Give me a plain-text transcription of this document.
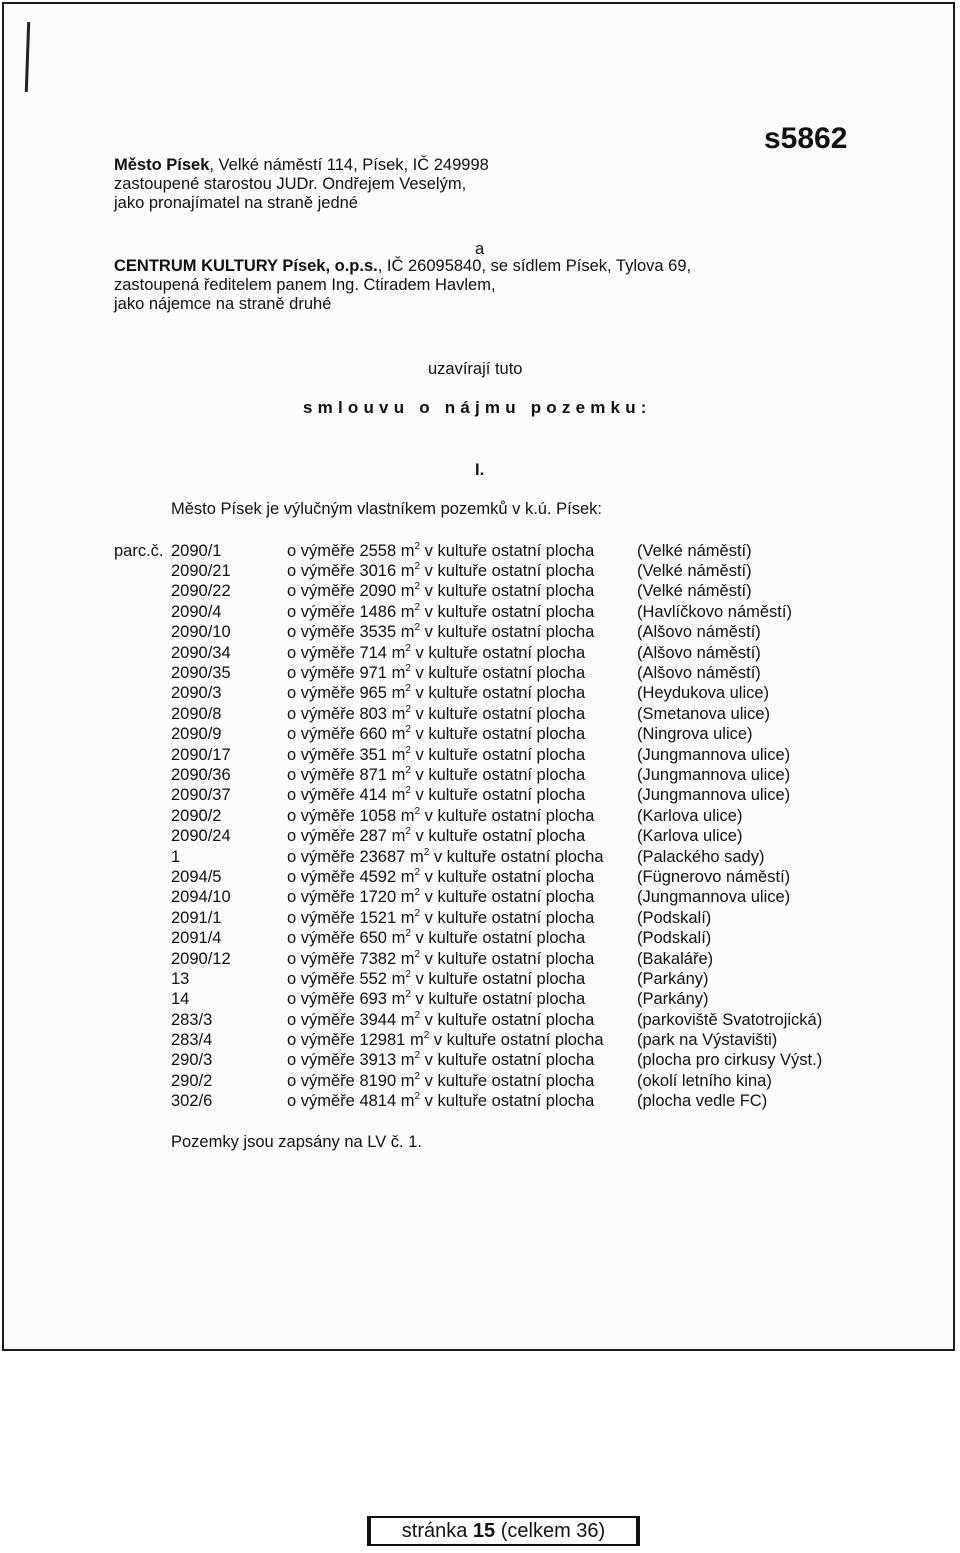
s5862
Město Písek, Velké náměstí 114, Písek, IČ 249998
zastoupené starostou JUDr. Ondřejem Veselým,
jako pronajímatel na straně jedné
a
CENTRUM KULTURY Písek, o.p.s., IČ 26095840, se sídlem Písek, Tylova 69,
zastoupená ředitelem panem Ing. Ctiradem Havlem,
jako nájemce na straně druhé
uzavírají tuto
smlouvu o nájmu pozemku:
I.
Město Písek je výlučným vlastníkem pozemků v k.ú. Písek:
parc.č.	2090/1	o výměře 2558 $m^2$ v kultuře ostatní plocha	(Velké náměstí)
	2090/21	o výměře 3016 $m^2$ v kultuře ostatní plocha	(Velké náměstí)
	2090/22	o výměře 2090 $m^2$ v kultuře ostatní plocha	(Velké náměstí)
	2090/4	o výměře 1486 $m^2$ v kultuře ostatní plocha	(Havlíčkovo náměstí)
	2090/10	o výměře 3535 $m^2$ v kultuře ostatní plocha	(Alšovo náměstí)
	2090/34	o výměře 714 $m^2$ v kultuře ostatní plocha	(Alšovo náměstí)
	2090/35	o výměře 971 $m^2$ v kultuře ostatní plocha	(Alšovo náměstí)
	2090/3	o výměře 965 $m^2$ v kultuře ostatní plocha	(Heydukova ulice)
	2090/8	o výměře 803 $m^2$ v kultuře ostatní plocha	(Smetanova ulice)
	2090/9	o výměře 660 $m^2$ v kultuře ostatní plocha	(Ningrova ulice)
	2090/17	o výměře 351 $m^2$ v kultuře ostatní plocha	(Jungmannova ulice)
	2090/36	o výměře 871 $m^2$ v kultuře ostatní plocha	(Jungmannova ulice)
	2090/37	o výměře 414 $m^2$ v kultuře ostatní plocha	(Jungmannova ulice)
	2090/2	o výměře 1058 $m^2$ v kultuře ostatní plocha	(Karlova ulice)
	2090/24	o výměře 287 $m^2$ v kultuře ostatní plocha	(Karlova ulice)
	1	o výměře 23687 $m^2$ v kultuře ostatní plocha	(Palackého sady)
	2094/5	o výměře 4592 $m^2$ v kultuře ostatní plocha	(Fügnerovo náměstí)
	2094/10	o výměře 1720 $m^2$ v kultuře ostatní plocha	(Jungmannova ulice)
	2091/1	o výměře 1521 $m^2$ v kultuře ostatní plocha	(Podskalí)
	2091/4	o výměře 650 $m^2$ v kultuře ostatní plocha	(Podskalí)
	2090/12	o výměře 7382 $m^2$ v kultuře ostatní plocha	(Bakaláře)
	13	o výměře 552 $m^2$ v kultuře ostatní plocha	(Parkány)
	14	o výměře 693 $m^2$ v kultuře ostatní plocha	(Parkány)
	283/3	o výměře 3944 $m^2$ v kultuře ostatní plocha	(parkoviště Svatotrojická)
	283/4	o výměře 12981 $m^2$ v kultuře ostatní plocha	(park na Výstavišti)
	290/3	o výměře 3913 $m^2$ v kultuře ostatní plocha	(plocha pro cirkusy Výst.)
	290/2	o výměře 8190 $m^2$ v kultuře ostatní plocha	(okolí letního kina)
	302/6	o výměře 4814 $m^2$ v kultuře ostatní plocha	(plocha vedle FC)
Pozemky jsou zapsány na LV č. 1.
stránka 15 (celkem 36)
